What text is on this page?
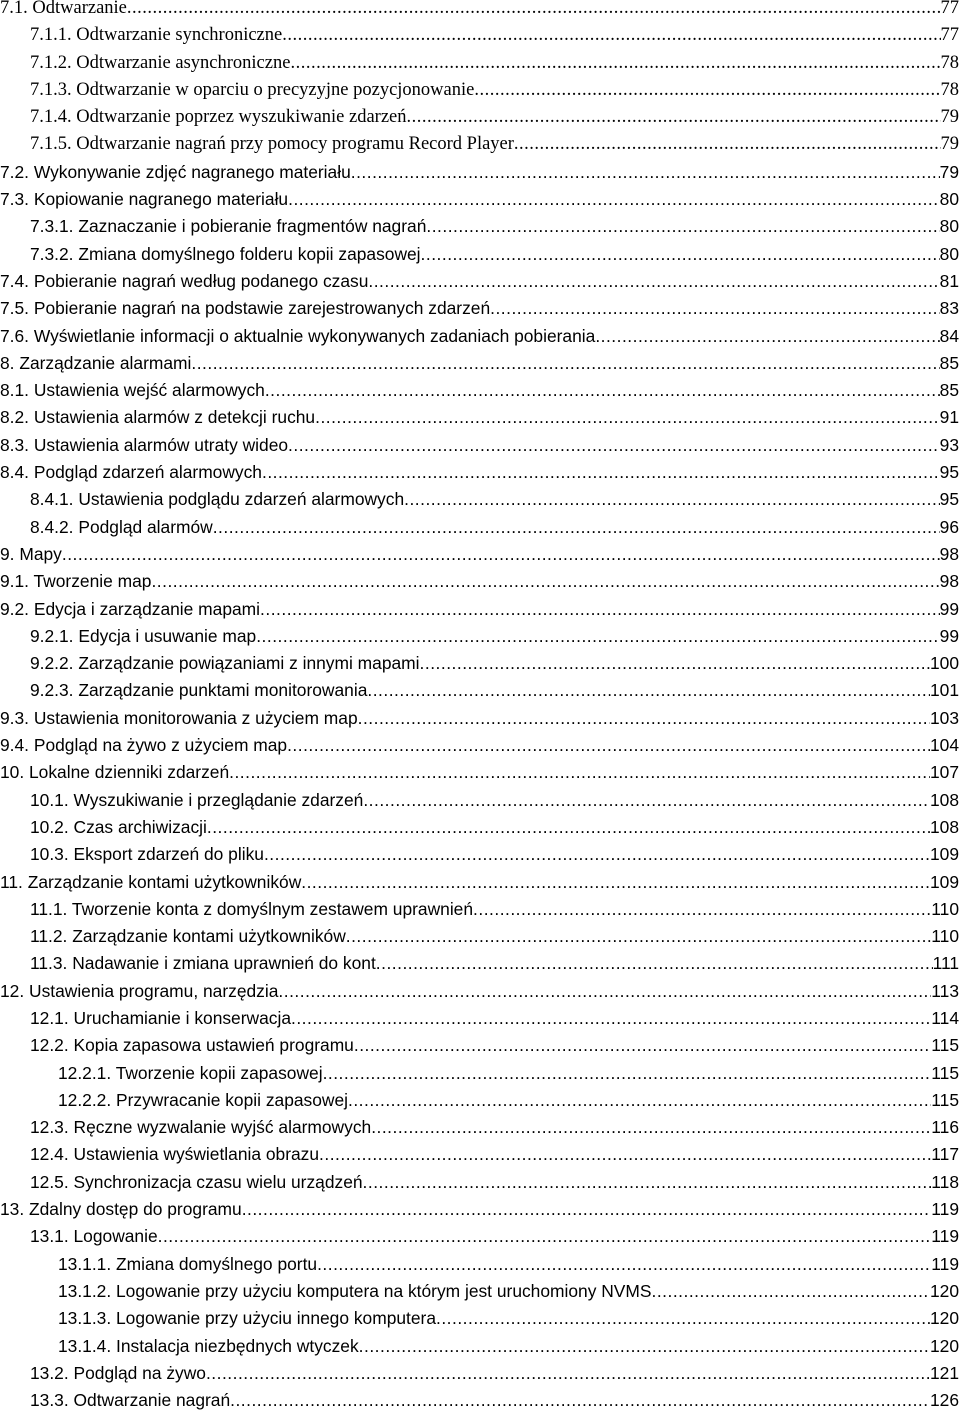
7.1. Odtwarzanie .....	77
7.1.1. Odtwarzanie synchroniczne .....	77
7.1.2. Odtwarzanie asynchroniczne .....	78
7.1.3. Odtwarzanie w oparciu o precyzyjne pozycjonowanie .....	78
7.1.4. Odtwarzanie poprzez wyszukiwanie zdarzeń .....	79
7.1.5. Odtwarzanie nagrań przy pomocy programu Record Player .....	79
7.2. Wykonywanie zdjęć nagranego materiału .....	79
7.3. Kopiowanie nagranego materiału .....	80
7.3.1. Zaznaczanie i pobieranie fragmentów nagrań .....	80
7.3.2. Zmiana domyślnego folderu kopii zapasowej .....	80
7.4. Pobieranie nagrań według podanego czasu .....	81
7.5. Pobieranie nagrań na podstawie zarejestrowanych zdarzeń .....	83
7.6. Wyświetlanie informacji o aktualnie wykonywanych zadaniach pobierania .....	84
8. Zarządzanie alarmami .....	85
8.1. Ustawienia wejść alarmowych .....	85
8.2. Ustawienia alarmów z detekcji ruchu .....	91
8.3. Ustawienia alarmów utraty wideo .....	93
8.4. Podgląd zdarzeń alarmowych .....	95
8.4.1. Ustawienia podglądu zdarzeń alarmowych .....	95
8.4.2. Podgląd alarmów .....	96
9. Mapy .....	98
9.1. Tworzenie map .....	98
9.2. Edycja i zarządzanie mapami .....	99
9.2.1. Edycja i usuwanie map .....	99
9.2.2. Zarządzanie powiązaniami z innymi mapami .....	100
9.2.3. Zarządzanie punktami monitorowania .....	101
9.3. Ustawienia monitorowania z użyciem map .....	103
9.4. Podgląd na żywo z użyciem map .....	104
10. Lokalne dzienniki zdarzeń .....	107
10.1. Wyszukiwanie i przeglądanie zdarzeń .....	108
10.2. Czas archiwizacji .....	108
10.3. Eksport zdarzeń do pliku .....	109
11. Zarządzanie kontami użytkowników .....	109
11.1. Tworzenie konta z domyślnym zestawem uprawnień .....	110
11.2. Zarządzanie kontami użytkowników .....	110
11.3. Nadawanie i zmiana uprawnień do kont .....	111
12. Ustawienia programu, narzędzia .....	113
12.1. Uruchamianie i konserwacja .....	114
12.2. Kopia zapasowa ustawień programu .....	115
12.2.1. Tworzenie kopii zapasowej .....	115
12.2.2. Przywracanie kopii zapasowej .....	115
12.3. Ręczne wyzwalanie wyjść alarmowych .....	116
12.4. Ustawienia wyświetlania obrazu .....	117
12.5. Synchronizacja czasu wielu urządzeń .....	118
13. Zdalny dostęp do programu .....	119
13.1. Logowanie .....	119
13.1.1. Zmiana domyślnego portu .....	119
13.1.2. Logowanie przy użyciu komputera na którym jest uruchomiony NVMS .....	120
13.1.3. Logowanie przy użyciu innego komputera .....	120
13.1.4. Instalacja niezbędnych wtyczek .....	120
13.2. Podgląd na żywo .....	121
13.3. Odtwarzanie nagrań .....	126
